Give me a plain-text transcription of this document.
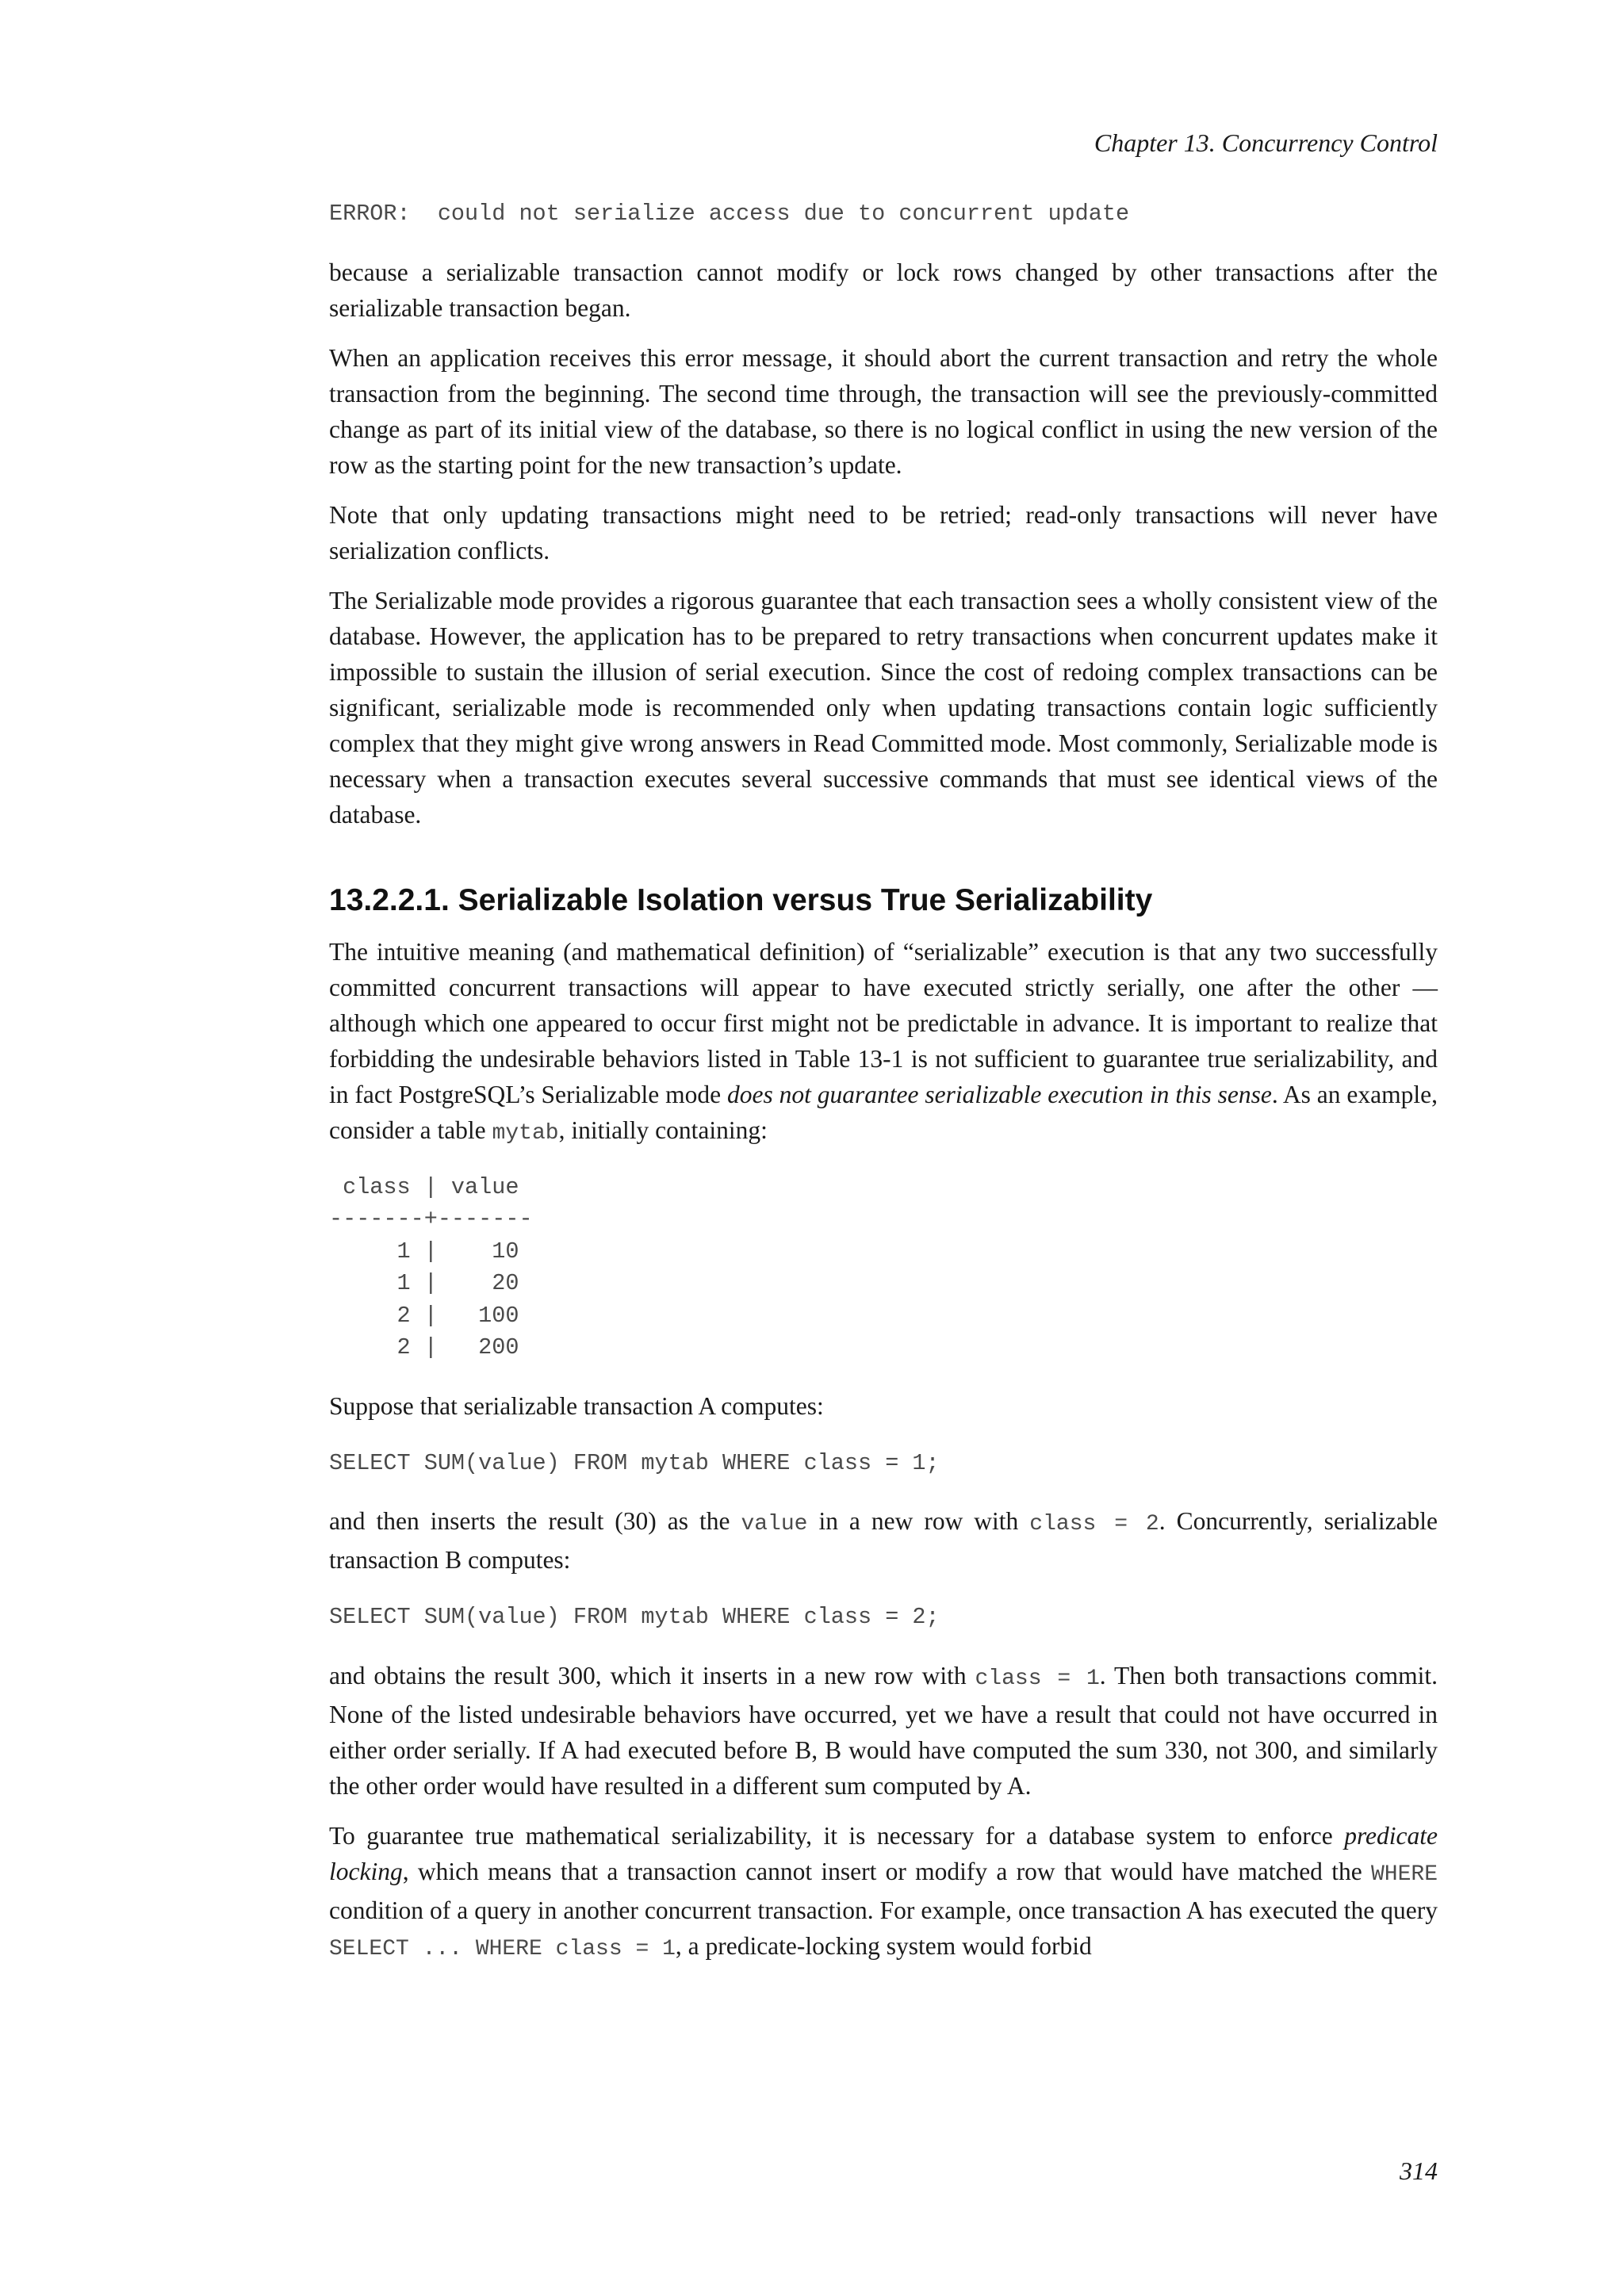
Chapter 13. Concurrency Control
ERROR:  could not serialize access due to concurrent update

because a serializable transaction cannot modify or lock rows changed by other transactions after the serializable transaction began.

When an application receives this error message, it should abort the current transaction and retry the whole transaction from the beginning. The second time through, the transaction will see the previously-committed change as part of its initial view of the database, so there is no logical conflict in using the new version of the row as the starting point for the new transaction’s update.

Note that only updating transactions might need to be retried; read-only transactions will never have serialization conflicts.

The Serializable mode provides a rigorous guarantee that each transaction sees a wholly consistent view of the database. However, the application has to be prepared to retry transactions when concurrent updates make it impossible to sustain the illusion of serial execution. Since the cost of redoing complex transactions can be significant, serializable mode is recommended only when updating transactions contain logic sufficiently complex that they might give wrong answers in Read Committed mode. Most commonly, Serializable mode is necessary when a transaction executes several successive commands that must see identical views of the database.

13.2.2.1. Serializable Isolation versus True Serializability

The intuitive meaning (and mathematical definition) of “serializable” execution is that any two successfully committed concurrent transactions will appear to have executed strictly serially, one after the other — although which one appeared to occur first might not be predictable in advance. It is important to realize that forbidding the undesirable behaviors listed in Table 13-1 is not sufficient to guarantee true serializability, and in fact PostgreSQL’s Serializable mode does not guarantee serializable execution in this sense. As an example, consider a table mytab, initially containing:

class | value
-------+-------
1 |    10
1 |    20
2 |   100
2 |   200

Suppose that serializable transaction A computes:

SELECT SUM(value) FROM mytab WHERE class = 1;

and then inserts the result (30) as the value in a new row with class = 2. Concurrently, serializable transaction B computes:

SELECT SUM(value) FROM mytab WHERE class = 2;

and obtains the result 300, which it inserts in a new row with class = 1. Then both transactions commit. None of the listed undesirable behaviors have occurred, yet we have a result that could not have occurred in either order serially. If A had executed before B, B would have computed the sum 330, not 300, and similarly the other order would have resulted in a different sum computed by A.

To guarantee true mathematical serializability, it is necessary for a database system to enforce predicate locking, which means that a transaction cannot insert or modify a row that would have matched the WHERE condition of a query in another concurrent transaction. For example, once transaction A has executed the query SELECT ... WHERE class = 1, a predicate-locking system would forbid

314
